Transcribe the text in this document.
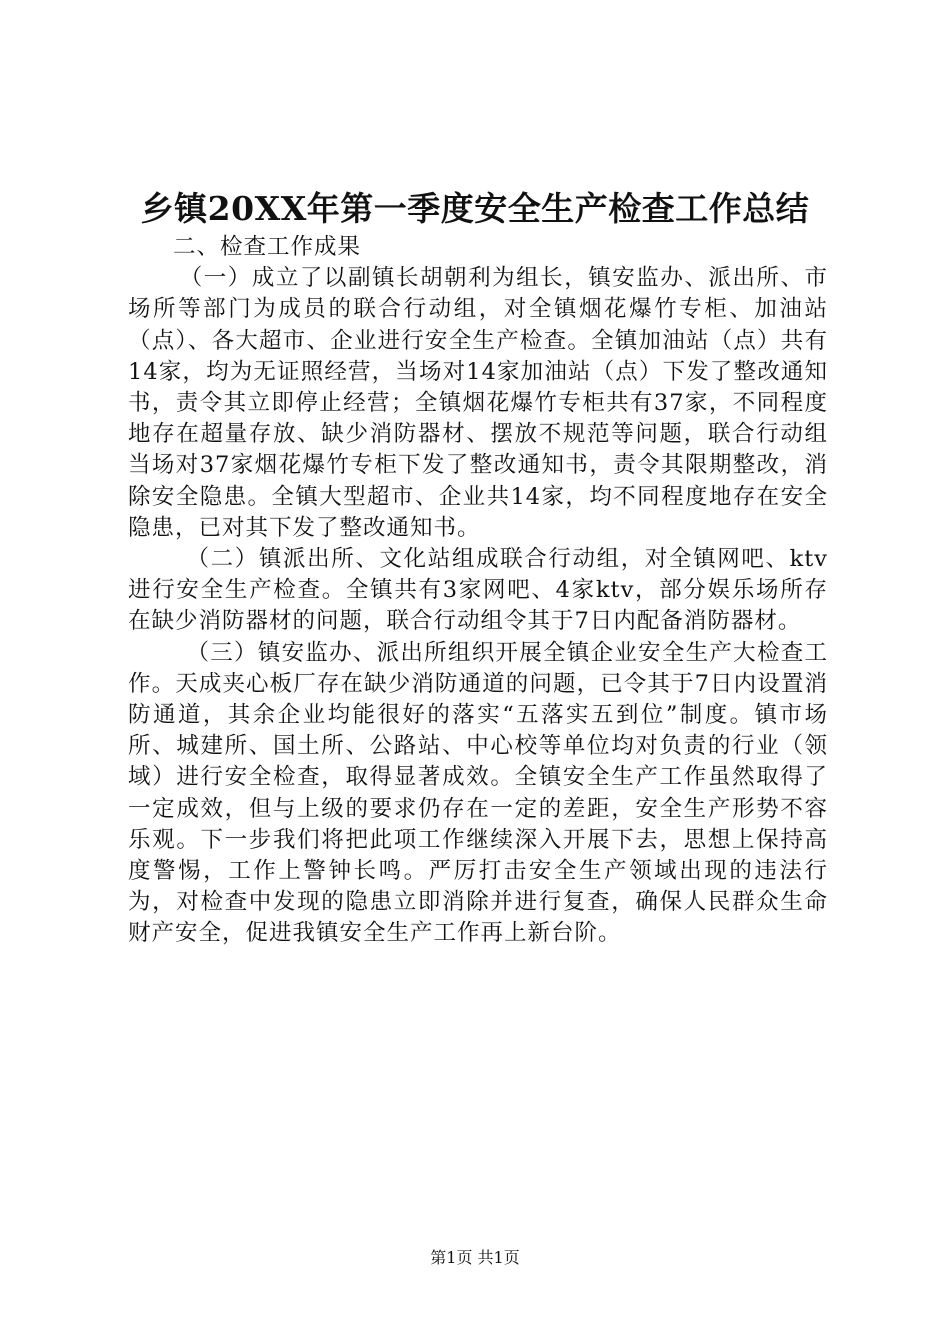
乡镇20XX年第一季度安全生产检查工作总结

二、检查工作成果

（一）成立了以副镇长胡朝利为组长，镇安监办、派出所、市场所等部门为成员的联合行动组，对全镇烟花爆竹专柜、加油站（点）、各大超市、企业进行安全生产检查。全镇加油站（点）共有14家，均为无证照经营，当场对14家加油站（点）下发了整改通知书，责令其立即停止经营；全镇烟花爆竹专柜共有37家，不同程度地存在超量存放、缺少消防器材、摆放不规范等问题，联合行动组当场对37家烟花爆竹专柜下发了整改通知书，责令其限期整改，消除安全隐患。全镇大型超市、企业共14家，均不同程度地存在安全隐患，已对其下发了整改通知书。

（二）镇派出所、文化站组成联合行动组，对全镇网吧、ktv进行安全生产检查。全镇共有3家网吧、4家ktv，部分娱乐场所存在缺少消防器材的问题，联合行动组令其于7日内配备消防器材。

（三）镇安监办、派出所组织开展全镇企业安全生产大检查工作。天成夹心板厂存在缺少消防通道的问题，已令其于7日内设置消防通道，其余企业均能很好的落实“五落实五到位”制度。镇市场所、城建所、国土所、公路站、中心校等单位均对负责的行业（领域）进行安全检查，取得显著成效。全镇安全生产工作虽然取得了一定成效，但与上级的要求仍存在一定的差距，安全生产形势不容乐观。下一步我们将把此项工作继续深入开展下去，思想上保持高度警惕，工作上警钟长鸣。严厉打击安全生产领域出现的违法行为，对检查中发现的隐患立即消除并进行复查，确保人民群众生命财产安全，促进我镇安全生产工作再上新台阶。

第1页 共1页
